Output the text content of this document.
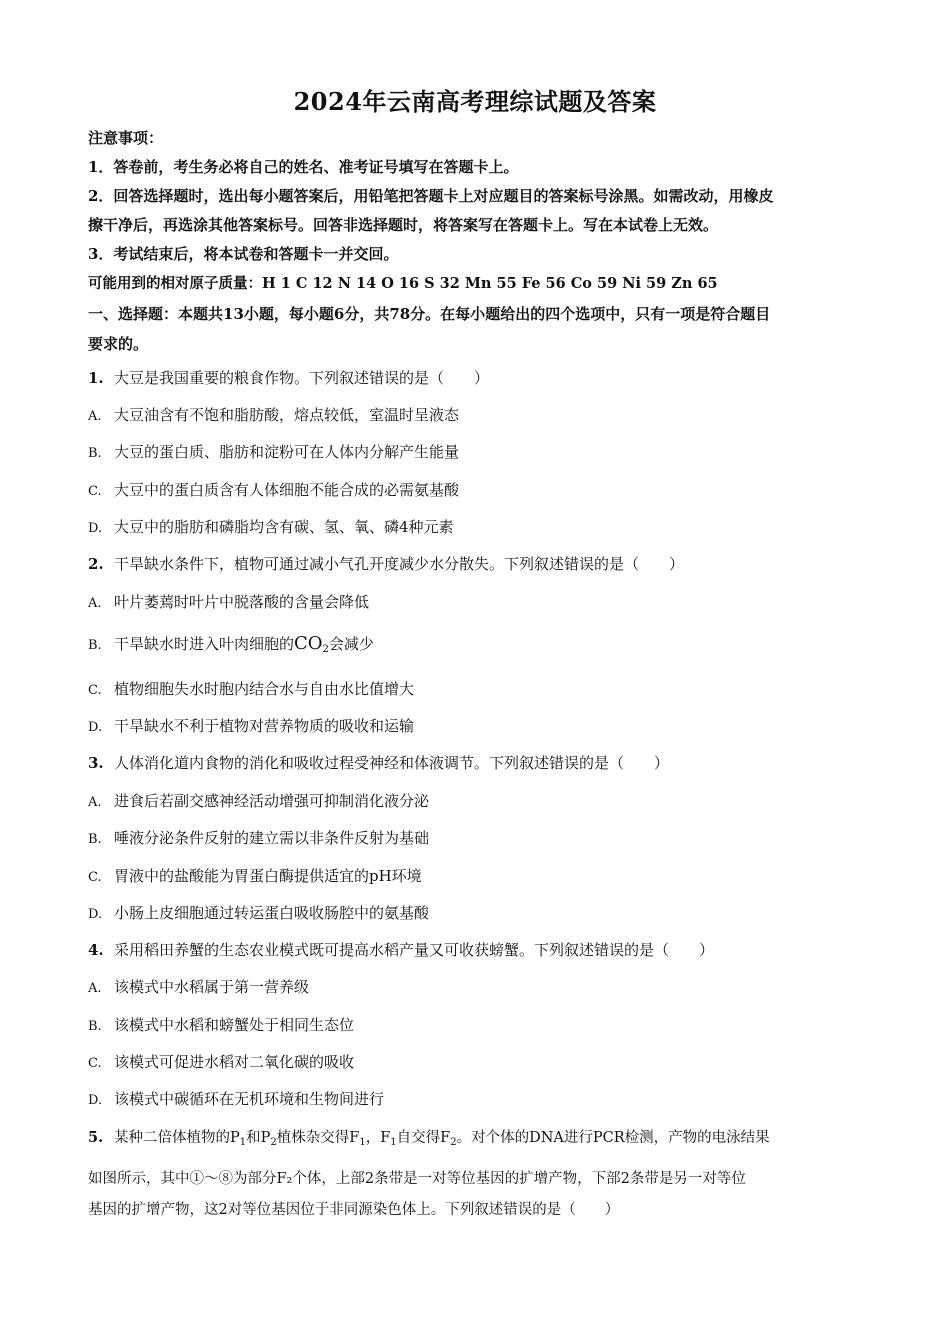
2024年云南高考理综试题及答案
注意事项：
1．答卷前，考生务必将自己的姓名、准考证号填写在答题卡上。
2．回答选择题时，选出每小题答案后，用铅笔把答题卡上对应题目的答案标号涂黑。如需改动，用橡皮
擦干净后，再选涂其他答案标号。回答非选择题时，将答案写在答题卡上。写在本试卷上无效。
3．考试结束后，将本试卷和答题卡一并交回。
可能用到的相对原子质量：H 1 C 12 N 14 O 16 S 32 Mn 55 Fe 56 Co 59 Ni 59 Zn 65
一、选择题：本题共13小题，每小题6分，共78分。在每小题给出的四个选项中，只有一项是符合题目
要求的。
1. 大豆是我国重要的粮食作物。下列叙述错误的是（　　）
A. 大豆油含有不饱和脂肪酸，熔点较低，室温时呈液态
B. 大豆的蛋白质、脂肪和淀粉可在人体内分解产生能量
C. 大豆中的蛋白质含有人体细胞不能合成的必需氨基酸
D. 大豆中的脂肪和磷脂均含有碳、氢、氧、磷4种元素
2. 干旱缺水条件下，植物可通过减小气孔开度减少水分散失。下列叙述错误的是（　　）
A. 叶片萎蔫时叶片中脱落酸的含量会降低
B. 干旱缺水时进入叶肉细胞的$CO_2$会减少
C. 植物细胞失水时胞内结合水与自由水比值增大
D. 干旱缺水不利于植物对营养物质的吸收和运输
3. 人体消化道内食物的消化和吸收过程受神经和体液调节。下列叙述错误的是（　　）
A. 进食后若副交感神经活动增强可抑制消化液分泌
B. 唾液分泌条件反射的建立需以非条件反射为基础
C. 胃液中的盐酸能为胃蛋白酶提供适宜的pH环境
D. 小肠上皮细胞通过转运蛋白吸收肠腔中的氨基酸
4. 采用稻田养蟹的生态农业模式既可提高水稻产量又可收获螃蟹。下列叙述错误的是（　　）
A. 该模式中水稻属于第一营养级
B. 该模式中水稻和螃蟹处于相同生态位
C. 该模式可促进水稻对二氧化碳的吸收
D. 该模式中碳循环在无机环境和生物间进行
5. 某种二倍体植物的$P_1$和$P_2$植株杂交得$F_1$，$F_1$自交得$F_2$。对个体的DNA进行PCR检测，产物的电泳结果
如图所示，其中①～⑧为部分F₂个体，上部2条带是一对等位基因的扩增产物，下部2条带是另一对等位
基因的扩增产物，这2对等位基因位于非同源染色体上。下列叙述错误的是（　　）
